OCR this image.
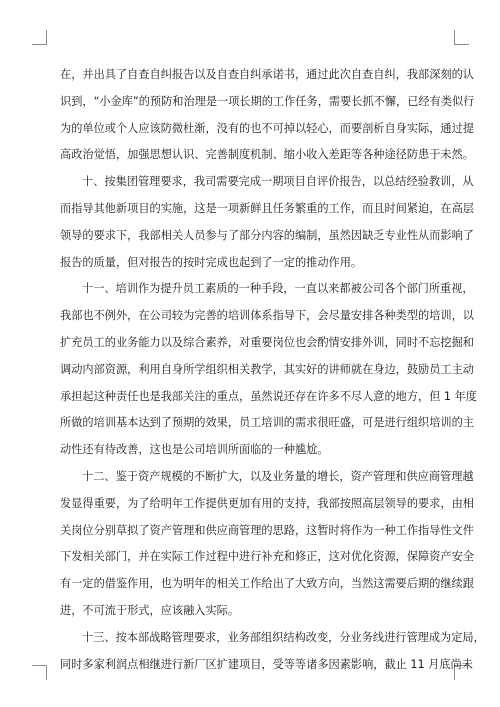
在，并出具了自查自纠报告以及自查自纠承诺书，通过此次自查自纠，我部深刻的认
识到，“小金库”的预防和治理是一项长期的工作任务，需要长抓不懈，已经有类似行
为的单位或个人应该防微杜渐，没有的也不可掉以轻心，而要剖析自身实际，通过提
高政治觉悟，加强思想认识、完善制度机制、缩小收入差距等各种途径防患于未然。
十、按集团管理要求，我司需要完成一期项目自评价报告，以总结经验教训，从
而指导其他新项目的实施，这是一项新鲜且任务繁重的工作，而且时间紧迫，在高层
领导的要求下，我部相关人员参与了部分内容的编制，虽然因缺乏专业性从而影响了
报告的质量，但对报告的按时完成也起到了一定的推动作用。
十一、培训作为提升员工素质的一种手段，一直以来都被公司各个部门所重视，
我部也不例外，在公司较为完善的培训体系指导下，会尽量安排各种类型的培训，以
扩充员工的业务能力以及综合素养，对重要岗位也会酌情安排外训，同时不忘挖掘和
调动内部资源，利用自身所学组织相关教学，其实好的讲师就在身边，鼓励员工主动
承担起这种责任也是我部关注的重点，虽然说还存在许多不尽人意的地方，但 1 年度
所做的培训基本达到了预期的效果，员工培训的需求很旺盛，可是进行组织培训的主
动性还有待改善，这也是公司培训所面临的一种尴尬。
十二、鉴于资产规模的不断扩大，以及业务量的增长，资产管理和供应商管理越
发显得重要，为了给明年工作提供更加有用的支持，我部按照高层领导的要求，由相
关岗位分别草拟了资产管理和供应商管理的思路，这暂时将作为一种工作指导性文件
下发相关部门，并在实际工作过程中进行补充和修正，这对优化资源，保障资产安全
有一定的借鉴作用，也为明年的相关工作给出了大致方向，当然这需要后期的继续跟
进，不可流于形式，应该融入实际。
十三、按本部战略管理要求，业务部组织结构改变，分业务线进行管理成为定局，
同时多家利润点相继进行新厂区扩建项目，受等等诸多因素影响，截止 11 月底尚未
